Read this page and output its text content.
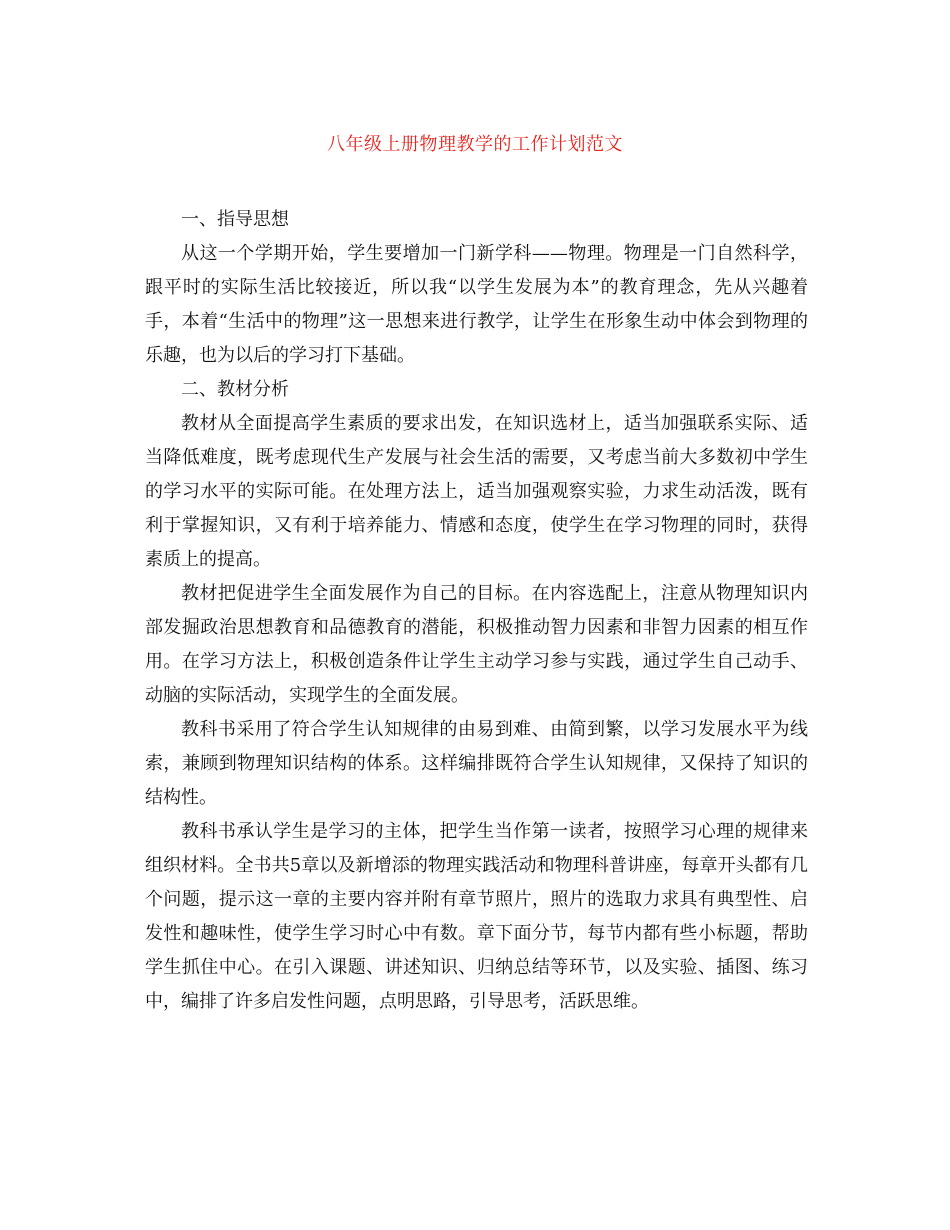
八年级上册物理教学的工作计划范文

一、指导思想

从这一个学期开始，学生要增加一门新学科——物理。物理是一门自然科学，跟平时的实际生活比较接近，所以我“以学生发展为本”的教育理念，先从兴趣着手，本着“生活中的物理”这一思想来进行教学，让学生在形象生动中体会到物理的乐趣，也为以后的学习打下基础。

二、教材分析

教材从全面提高学生素质的要求出发，在知识选材上，适当加强联系实际、适当降低难度，既考虑现代生产发展与社会生活的需要，又考虑当前大多数初中学生的学习水平的实际可能。在处理方法上，适当加强观察实验，力求生动活泼，既有利于掌握知识，又有利于培养能力、情感和态度，使学生在学习物理的同时，获得素质上的提高。

教材把促进学生全面发展作为自己的目标。在内容选配上，注意从物理知识内部发掘政治思想教育和品德教育的潜能，积极推动智力因素和非智力因素的相互作用。在学习方法上，积极创造条件让学生主动学习参与实践，通过学生自己动手、动脑的实际活动，实现学生的全面发展。

教科书采用了符合学生认知规律的由易到难、由简到繁，以学习发展水平为线索，兼顾到物理知识结构的体系。这样编排既符合学生认知规律，又保持了知识的结构性。

教科书承认学生是学习的主体，把学生当作第一读者，按照学习心理的规律来组织材料。全书共5章以及新增添的物理实践活动和物理科普讲座，每章开头都有几个问题，提示这一章的主要内容并附有章节照片，照片的选取力求具有典型性、启发性和趣味性，使学生学习时心中有数。章下面分节，每节内都有些小标题，帮助学生抓住中心。在引入课题、讲述知识、归纳总结等环节，以及实验、插图、练习中，编排了许多启发性问题，点明思路，引导思考，活跃思维。
